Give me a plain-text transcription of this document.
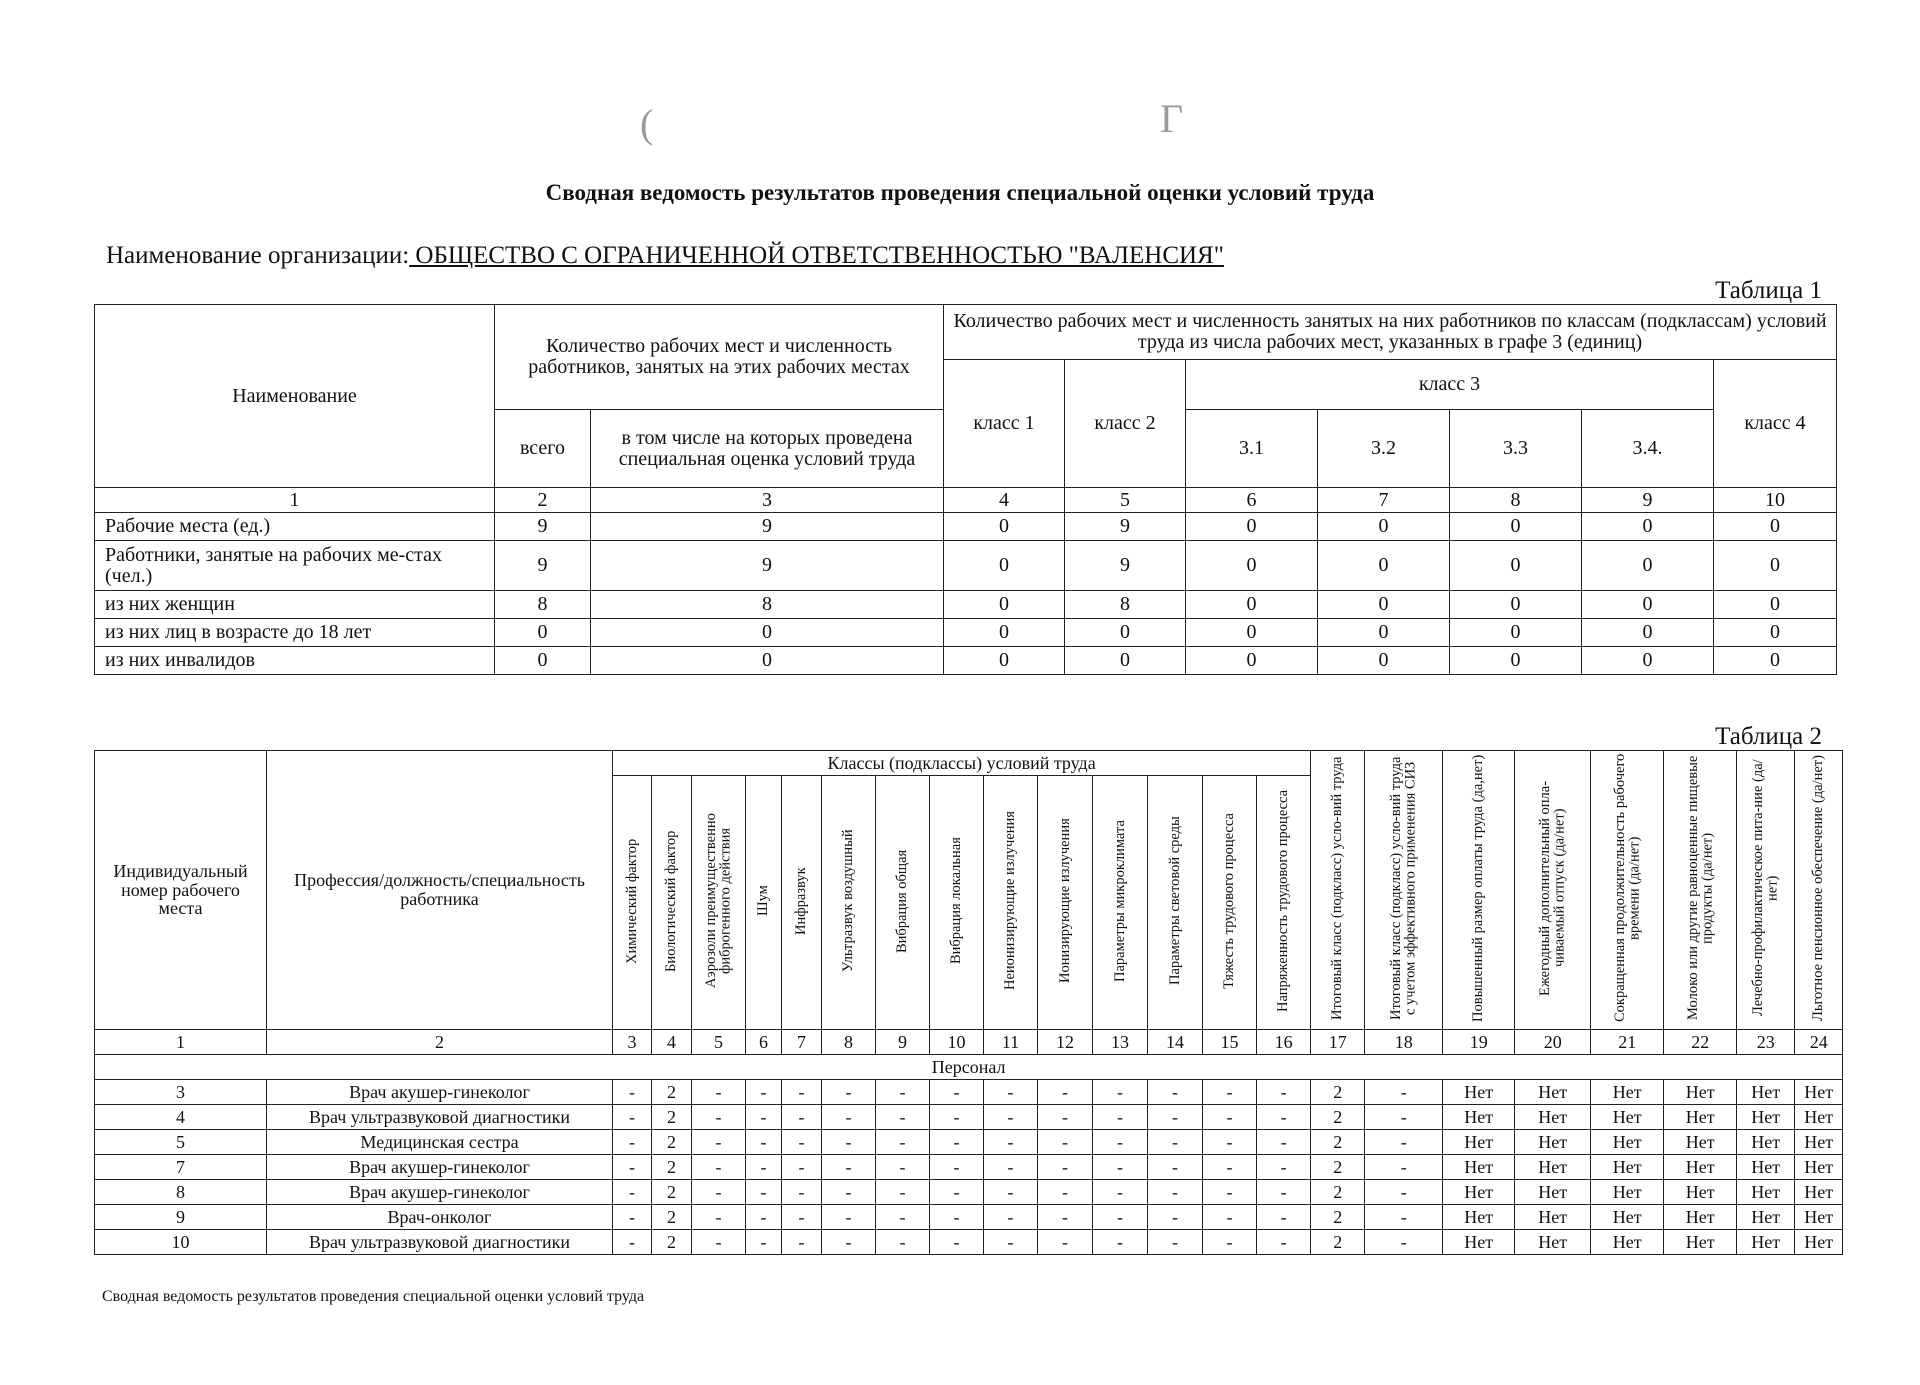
(	Г
Сводная ведомость результатов проведения специальной оценки условий труда
Наименование организации: ОБЩЕСТВО С ОГРАНИЧЕННОЙ ОТВЕТСТВЕННОСТЬЮ "ВАЛЕНСИЯ"
Таблица 1
Наименование	Количество рабочих мест и численность работников, занятых на этих рабочих местах		Количество рабочих мест и численность занятых на них работников по классам (подклассам) условий труда из числа рабочих мест, указанных в графе 3 (единиц)						
			класс 1	класс 2	класс 3				класс 4
	всего	в том числе на которых проведена специальная оценка условий труда			3.1	3.2	3.3	3.4.	
1	2	3	4	5	6	7	8	9	10
Рабочие места (ед.)	9	9	0	9	0	0	0	0	0
Работники, занятые на рабочих ме-стах (чел.)	9	9	0	9	0	0	0	0	0
из них женщин	8	8	0	8	0	0	0	0	0
из них лиц в возрасте до 18 лет	0	0	0	0	0	0	0	0	0
из них инвалидов	0	0	0	0	0	0	0	0	0
Таблица 2
Индивидуальный номер рабочего места	Профессия/должность/специальность работника	Классы (подклассы) условий труда														Итоговый класс (подкласс) усло-вий труда	Итоговый класс (подкласс) усло-вий труда с учетом эффективного применения СИЗ	Повышенный размер оплаты труда (да,нет)	Ежегодный дополнительный опла-чиваемый отпуск (да/нет)	Сокращенная продолжительность рабочего времени (да/нет)	Молоко или другие равноценные пищевые продукты (да/нет)	Лечебно-профилактическое пита-ние (да/нет)	Льготное пенсионное обеспечение (да/нет)
		Химический фактор	Биологический фактор	Аэрозоли преимущественно фиброгенного действия	Шум	Инфразвук	Ультразвук воздушный	Вибрация общая	Вибрация локальная	Неионизирующие излучения	Ионизирующие излучения	Параметры микроклимата	Параметры световой среды	Тяжесть трудового процесса	Напряженность трудового процесса								
1	2	3	4	5	6	7	8	9	10	11	12	13	14	15	16	17	18	19	20	21	22	23	24
Персонал																							
3	Врач акушер-гинеколог	-	2	-	-	-	-	-	-	-	-	-	-	-	-	2	-	Нет	Нет	Нет	Нет	Нет	Нет
4	Врач ультразвуковой диагностики	-	2	-	-	-	-	-	-	-	-	-	-	-	-	2	-	Нет	Нет	Нет	Нет	Нет	Нет
5	Медицинская сестра	-	2	-	-	-	-	-	-	-	-	-	-	-	-	2	-	Нет	Нет	Нет	Нет	Нет	Нет
7	Врач акушер-гинеколог	-	2	-	-	-	-	-	-	-	-	-	-	-	-	2	-	Нет	Нет	Нет	Нет	Нет	Нет
8	Врач акушер-гинеколог	-	2	-	-	-	-	-	-	-	-	-	-	-	-	2	-	Нет	Нет	Нет	Нет	Нет	Нет
9	Врач-онколог	-	2	-	-	-	-	-	-	-	-	-	-	-	-	2	-	Нет	Нет	Нет	Нет	Нет	Нет
10	Врач ультразвуковой диагностики	-	2	-	-	-	-	-	-	-	-	-	-	-	-	2	-	Нет	Нет	Нет	Нет	Нет	Нет
Сводная ведомость результатов проведения специальной оценки условий труда
